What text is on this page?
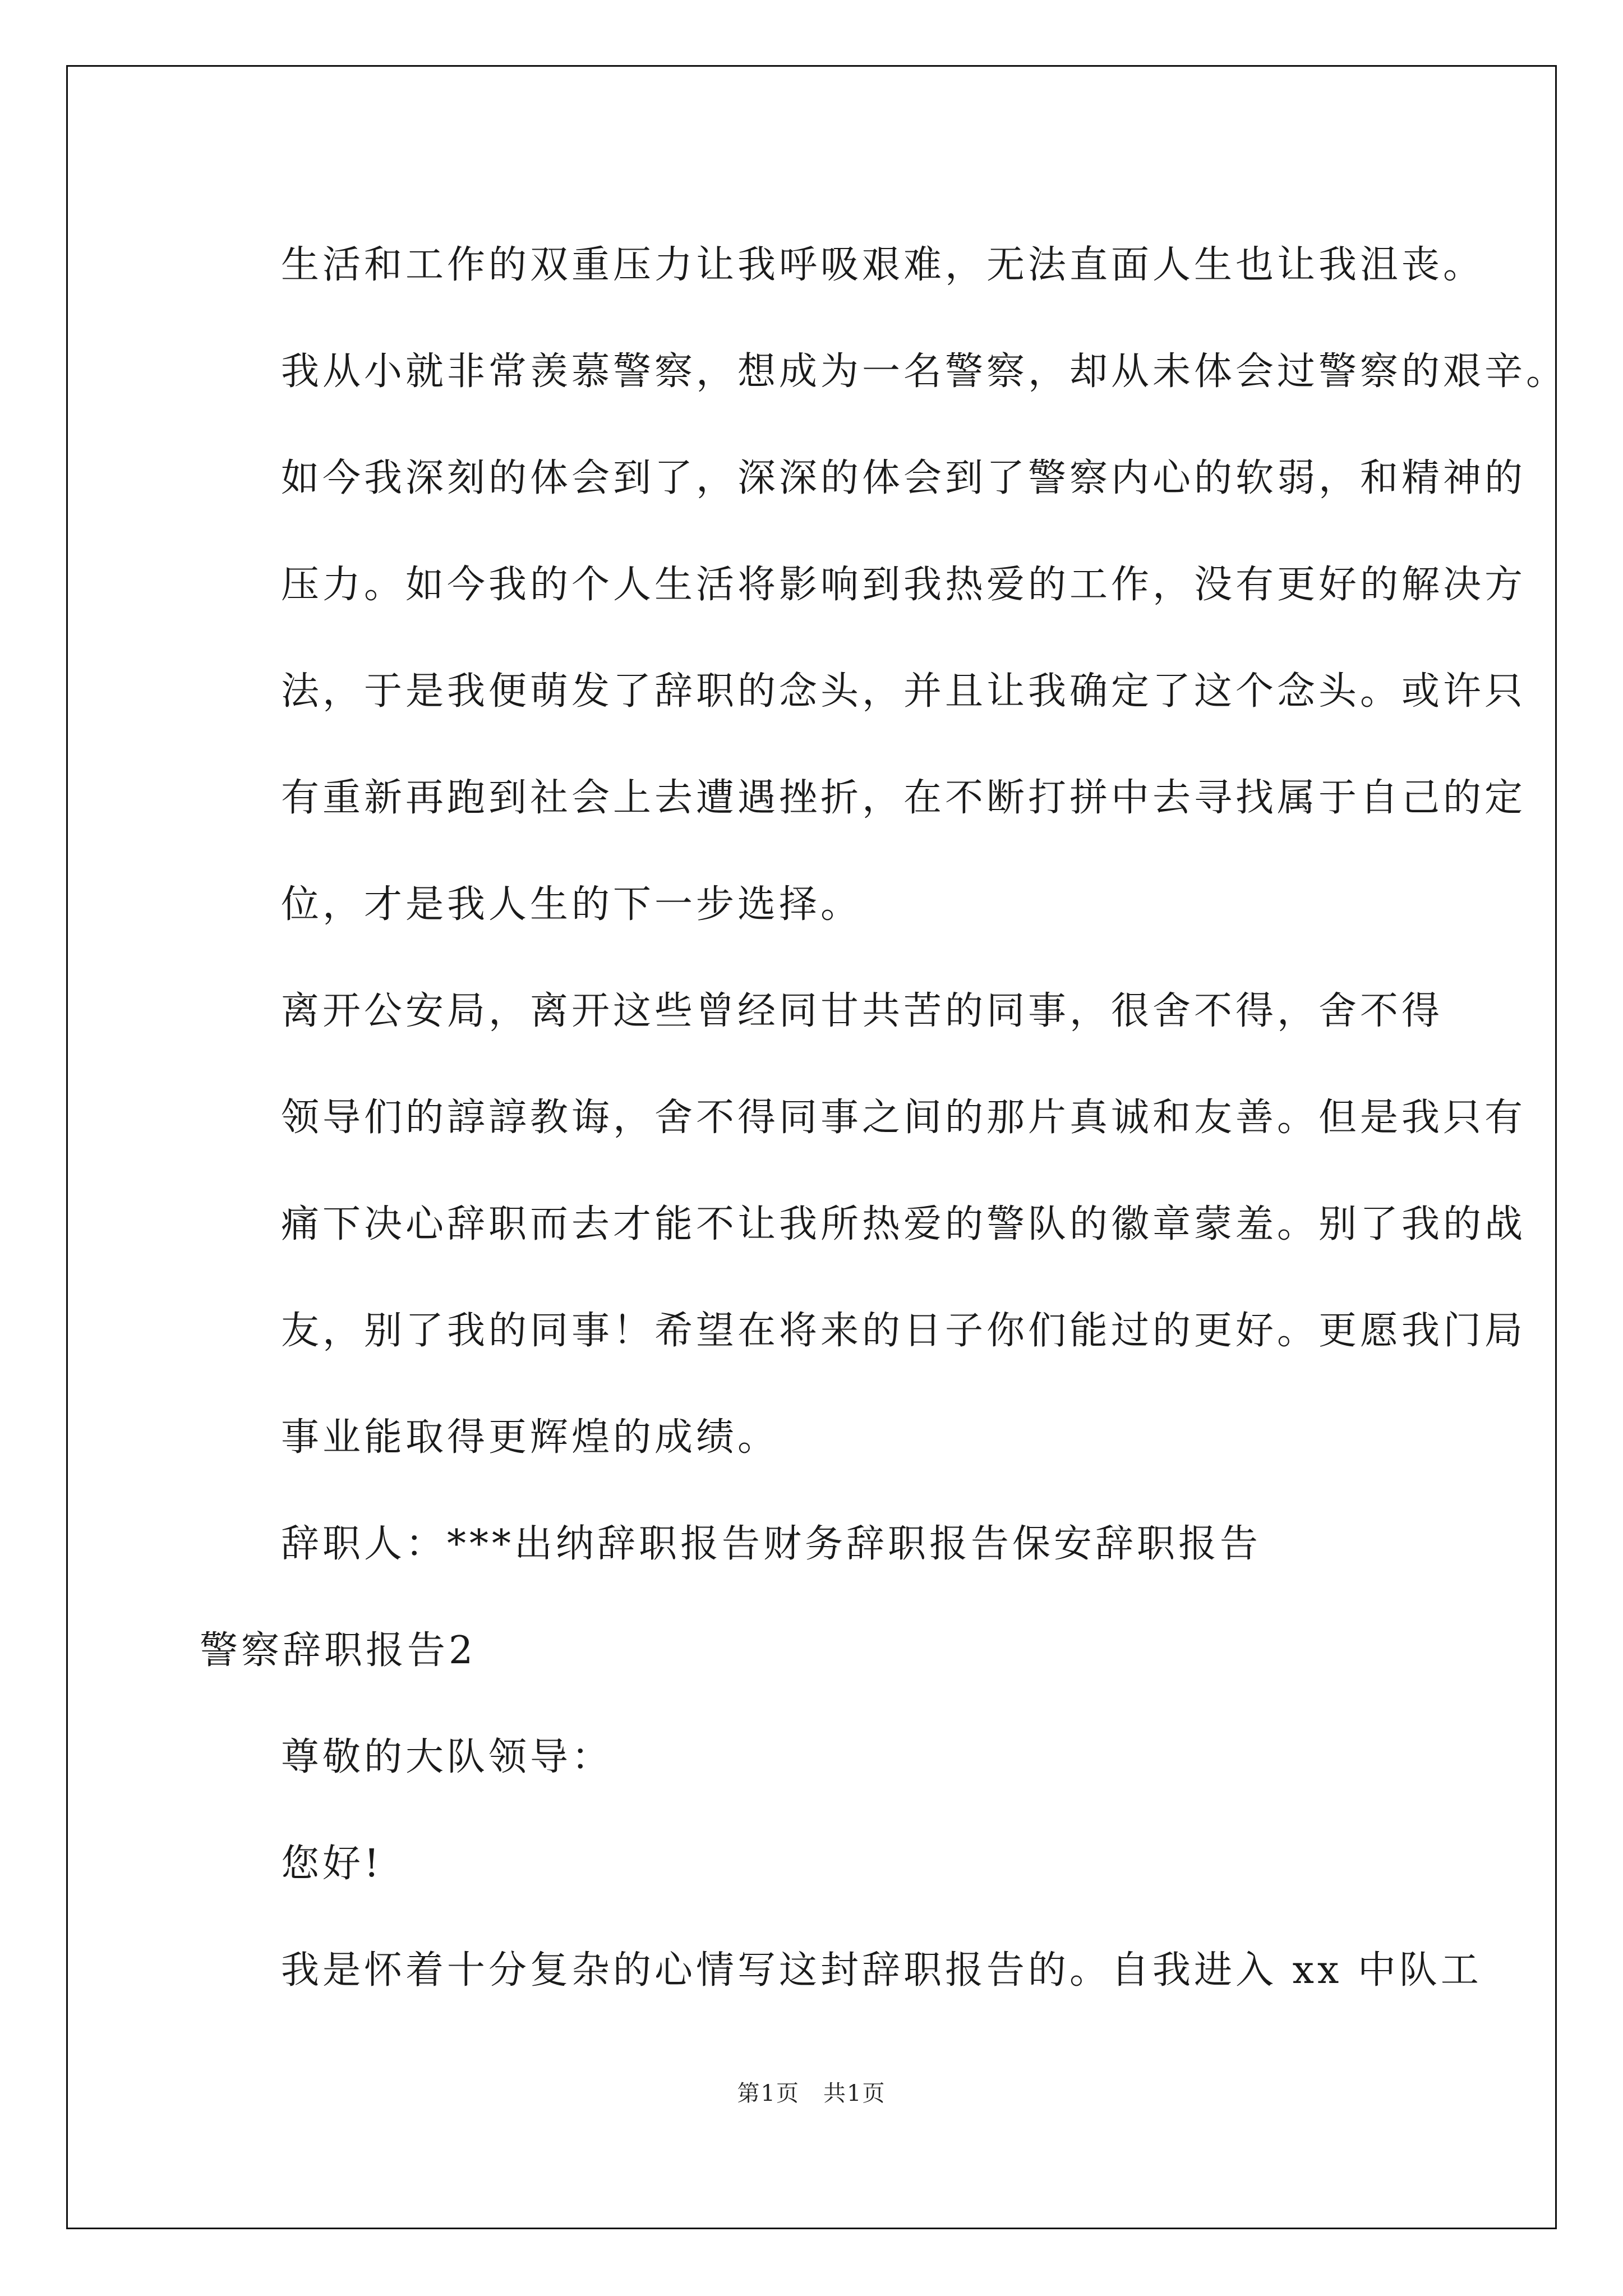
生活和工作的双重压力让我呼吸艰难，无法直面人生也让我沮丧。
我从小就非常羡慕警察，想成为一名警察，却从未体会过警察的艰辛。
如今我深刻的体会到了，深深的体会到了警察内心的软弱，和精神的
压力。如今我的个人生活将影响到我热爱的工作，没有更好的解决方
法，于是我便萌发了辞职的念头，并且让我确定了这个念头。或许只
有重新再跑到社会上去遭遇挫折，在不断打拼中去寻找属于自己的定
位，才是我人生的下一步选择。

离开公安局，离开这些曾经同甘共苦的同事，很舍不得，舍不得
领导们的諄諄教诲，舍不得同事之间的那片真诚和友善。但是我只有
痛下决心辞职而去才能不让我所热爱的警队的徽章蒙羞。别了我的战
友，别了我的同事！希望在将来的日子你们能过的更好。更愿我门局
事业能取得更辉煌的成绩。

辞职人：***出纳辞职报告财务辞职报告保安辞职报告

警察辞职报告2

尊敬的大队领导：

您好!

我是怀着十分复杂的心情写这封辞职报告的。自我进入 xx 中队工

第1页　共1页
